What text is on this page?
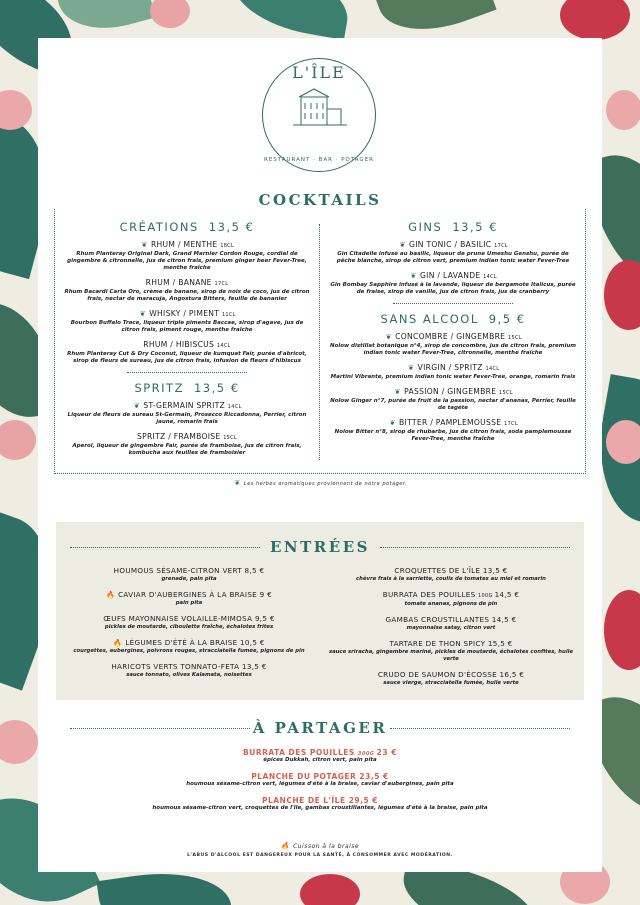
L'ÎLE
RESTAURANT · BAR · POTAGER
COCKTAILS
CRÉATIONS 13,5 €
❦ RHUM / MENTHE 18CL
Rhum Planteray Original Dark, Grand Marnier Cordon Rouge, cordial de gingembre & citronnelle, jus de citron frais, premium ginger beer Fever-Tree, menthe fraîche
RHUM / BANANE 17CL
Rhum Bacardi Carta Oro, crème de banane, sirop de noix de coco, jus de citron frais, nectar de maracuja, Angostura Bitters, feuille de bananier
❦ WHISKY / PIMENT 11CL
Bourbon Buffalo Trace, liqueur triple piments Baccae, sirop d'agave, jus de citron frais, piment rouge, menthe fraîche
RHUM / HIBISCUS 14CL
Rhum Planteray Cut & Dry Coconut, liqueur de kumquat Fair, purée d'abricot, sirop de fleurs de sureau, jus de citron frais, infusion de fleurs d'hibiscus
SPRITZ 13,5 €
❦ ST-GERMAIN SPRITZ 14CL
Liqueur de fleurs de sureau St-Germain, Prosecco Riccadonna, Perrier, citron jaune, romarin frais
SPRITZ / FRAMBOISE 15CL
Aperol, liqueur de gingembre Fair, purée de framboise, jus de citron frais, kombucha aux feuilles de framboisier
GINS 13,5 €
❦ GIN TONIC / BASILIC 17CL
Gin Citadelle infusé au basilic, liqueur de prune Umeshu Genshu, purée de pêche blanche, sirop de citron vert, premium indian tonic water Fever-Tree
❦ GIN / LAVANDE 14CL
Gin Bombay Sapphire infusé à la lavande, liqueur de bergamote Italicus, purée de fraise, sirop de vanille, jus de citron frais, jus de cranberry
SANS ALCOOL 9,5 €
❦ CONCOMBRE / GINGEMBRE 15CL
Nolow distillat botanique n°4, sirop de concombre, jus de citron frais, premium indian tonic water Fever-Tree, citronnelle, menthe fraîche
❦ VIRGIN / SPRITZ 14CL
Martini Vibrante, premium indian tonic water Fever-Tree, orange, romarin frais
❦ PASSION / GINGEMBRE 15CL
Nolow Ginger n°7, purée de fruit de la passion, nectar d'ananas, Perrier, feuille de tagète
❦ BITTER / PAMPLEMOUSSE 17CL
Nolow Bitter n°8, sirop de rhubarbe, jus de citron frais, soda pamplemousse Fever-Tree, menthe fraîche
❦ Les herbes aromatiques proviennent de notre potager.
ENTRÉES
HOUMOUS SÉSAME-CITRON VERT 8,5 €
grenade, pain pita
🔥 CAVIAR D'AUBERGINES À LA BRAISE 9 €
pain pita
ŒUFS MAYONNAISE VOLAILLE-MIMOSA 9,5 €
pickles de moutarde, ciboulette fraîche, échalotes frites
🔥 LÉGUMES D'ÉTÉ À LA BRAISE 10,5 €
courgettes, aubergines, poivrons rouges, stracciatella fumée, pignons de pin
HARICOTS VERTS TONNATO-FETA 13,5 €
sauce tonnato, olives Kalamata, noisettes
CROQUETTES DE L'ÎLE 13,5 €
chèvre frais à la sarriette, coulis de tomates au miel et romarin
BURRATA DES POUILLES 100G 14,5 €
tomate ananas, pignons de pin
GAMBAS CROUSTILLANTES 14,5 €
mayonnaise satay, citron vert
TARTARE DE THON SPICY 15,5 €
sauce sriracha, gingembre mariné, pickles de moutarde, échalotes confites, huile verte
CRUDO DE SAUMON D'ÉCOSSE 16,5 €
sauce vierge, stracciatella fumée, huile verte
À PARTAGER
BURRATA DES POUILLES 300G 23 €
épices Dukkah, citron vert, pain pita
PLANCHE DU POTAGER 23,5 €
houmous sésame-citron vert, légumes d'été à la braise, caviar d'aubergines, pain pita
PLANCHE DE L'ÎLE 29,5 €
houmous sésame-citron vert, croquettes de l'île, gambas croustillantes, légumes d'été à la braise, pain pita
🔥 Cuisson à la braise
L'ABUS D'ALCOOL EST DANGEREUX POUR LA SANTÉ, À CONSOMMER AVEC MODÉRATION.
